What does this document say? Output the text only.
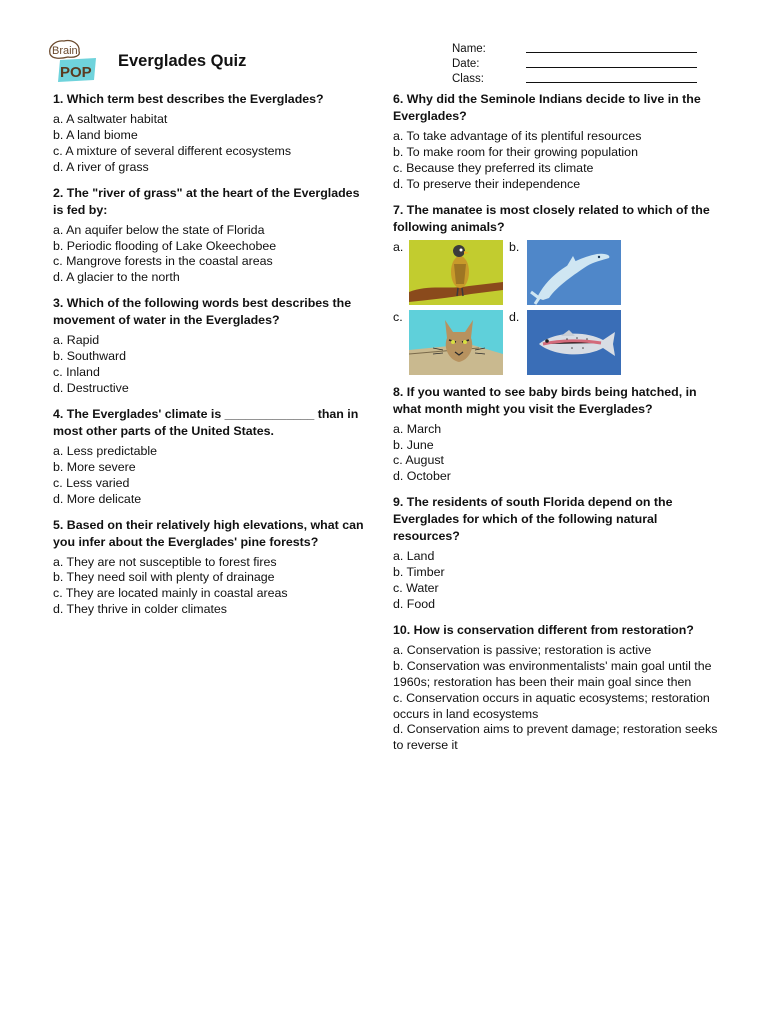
Brain
POP
Everglades Quiz
Name:
Date:
Class:

1. Which term best describes the Everglades?

a. A saltwater habitat
b. A land biome
c. A mixture of several different ecosystems
d. A river of grass

2. The "river of grass" at the heart of the Everglades is fed by:

a. An aquifer below the state of Florida
b. Periodic flooding of Lake Okeechobee
c. Mangrove forests in the coastal areas
d. A glacier to the north

3. Which of the following words best describes the movement of water in the Everglades?

a. Rapid
b. Southward
c. Inland
d. Destructive

4. The Everglades' climate is _____________ than in most other parts of the United States.

a. Less predictable
b. More severe
c. Less varied
d. More delicate

5. Based on their relatively high elevations, what can you infer about the Everglades' pine forests?

a. They are not susceptible to forest fires
b. They need soil with plenty of drainage
c. They are located mainly in coastal areas
d. They thrive in colder climates

6. Why did the Seminole Indians decide to live in the Everglades?

a. To take advantage of its plentiful resources
b. To make room for their growing population
c. Because they preferred its climate
d. To preserve their independence

7. The manatee is most closely related to which of the following animals?

a.	b.
c.	d.

8. If you wanted to see baby birds being hatched, in what month might you visit the Everglades?

a. March
b. June
c. August
d. October

9. The residents of south Florida depend on the Everglades for which of the following natural resources?

a. Land
b. Timber
c. Water
d. Food

10. How is conservation different from restoration?

a. Conservation is passive; restoration is active
b. Conservation was environmentalists' main goal until the 1960s; restoration has been their main goal since then
c. Conservation occurs in aquatic ecosystems; restoration occurs in land ecosystems
d. Conservation aims to prevent damage; restoration seeks to reverse it
